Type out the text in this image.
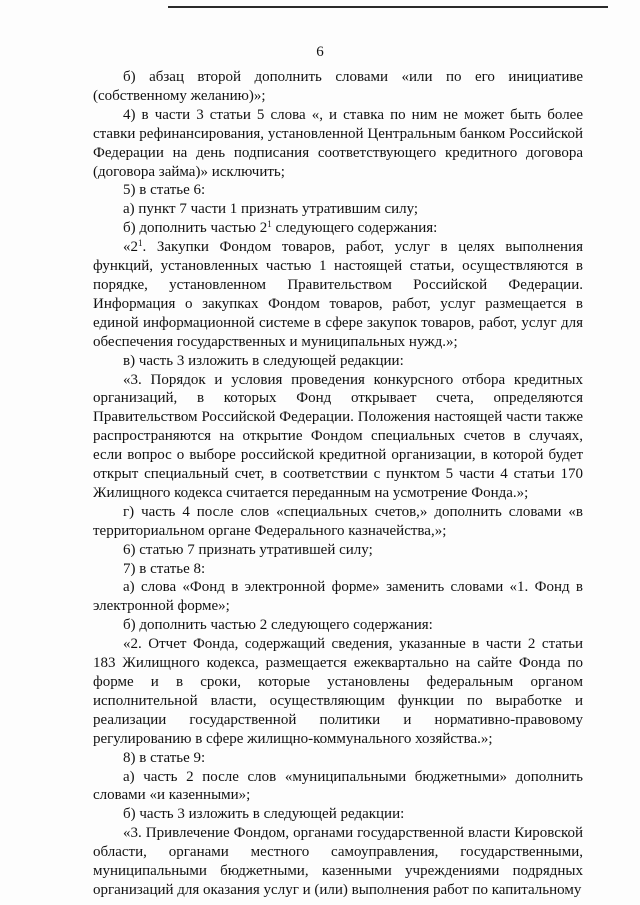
6

б) абзац второй дополнить словами «или по его инициативе (собственному желанию)»;

4) в части 3 статьи 5 слова «, и ставка по ним не может быть более ставки рефинансирования, установленной Центральным банком Российской Федерации на день подписания соответствующего кредитного договора (договора займа)» исключить;

5) в статье 6:

а) пункт 7 части 1 признать утратившим силу;

б) дополнить частью $2^1$ следующего содержания:

«$2^1$. Закупки Фондом товаров, работ, услуг в целях выполнения функций, установленных частью 1 настоящей статьи, осуществляются в порядке, установленном Правительством Российской Федерации. Информация о закупках Фондом товаров, работ, услуг размещается в единой информационной системе в сфере закупок товаров, работ, услуг для обеспечения государственных и муниципальных нужд.»;

в) часть 3 изложить в следующей редакции:

«3. Порядок и условия проведения конкурсного отбора кредитных организаций, в которых Фонд открывает счета, определяются Правительством Российской Федерации. Положения настоящей части также распространяются на открытие Фондом специальных счетов в случаях, если вопрос о выборе российской кредитной организации, в которой будет открыт специальный счет, в соответствии с пунктом 5 части 4 статьи 170 Жилищного кодекса считается переданным на усмотрение Фонда.»;

г) часть 4 после слов «специальных счетов,» дополнить словами «в территориальном органе Федерального казначейства,»;

6) статью 7 признать утратившей силу;

7) в статье 8:

а) слова «Фонд в электронной форме» заменить словами «1. Фонд в электронной форме»;

б) дополнить частью 2 следующего содержания:

«2. Отчет Фонда, содержащий сведения, указанные в части 2 статьи 183 Жилищного кодекса, размещается ежеквартально на сайте Фонда по форме и в сроки, которые установлены федеральным органом исполнительной власти, осуществляющим функции по выработке и реализации государственной политики и нормативно-правовому регулированию в сфере жилищно-коммунального хозяйства.»;

8) в статье 9:

а) часть 2 после слов «муниципальными бюджетными» дополнить словами «и казенными»;

б) часть 3 изложить в следующей редакции:

«3. Привлечение Фондом, органами государственной власти Кировской области, органами местного самоуправления, государственными, муниципальными бюджетными, казенными учреждениями подрядных организаций для оказания услуг и (или) выполнения работ по капитальному
